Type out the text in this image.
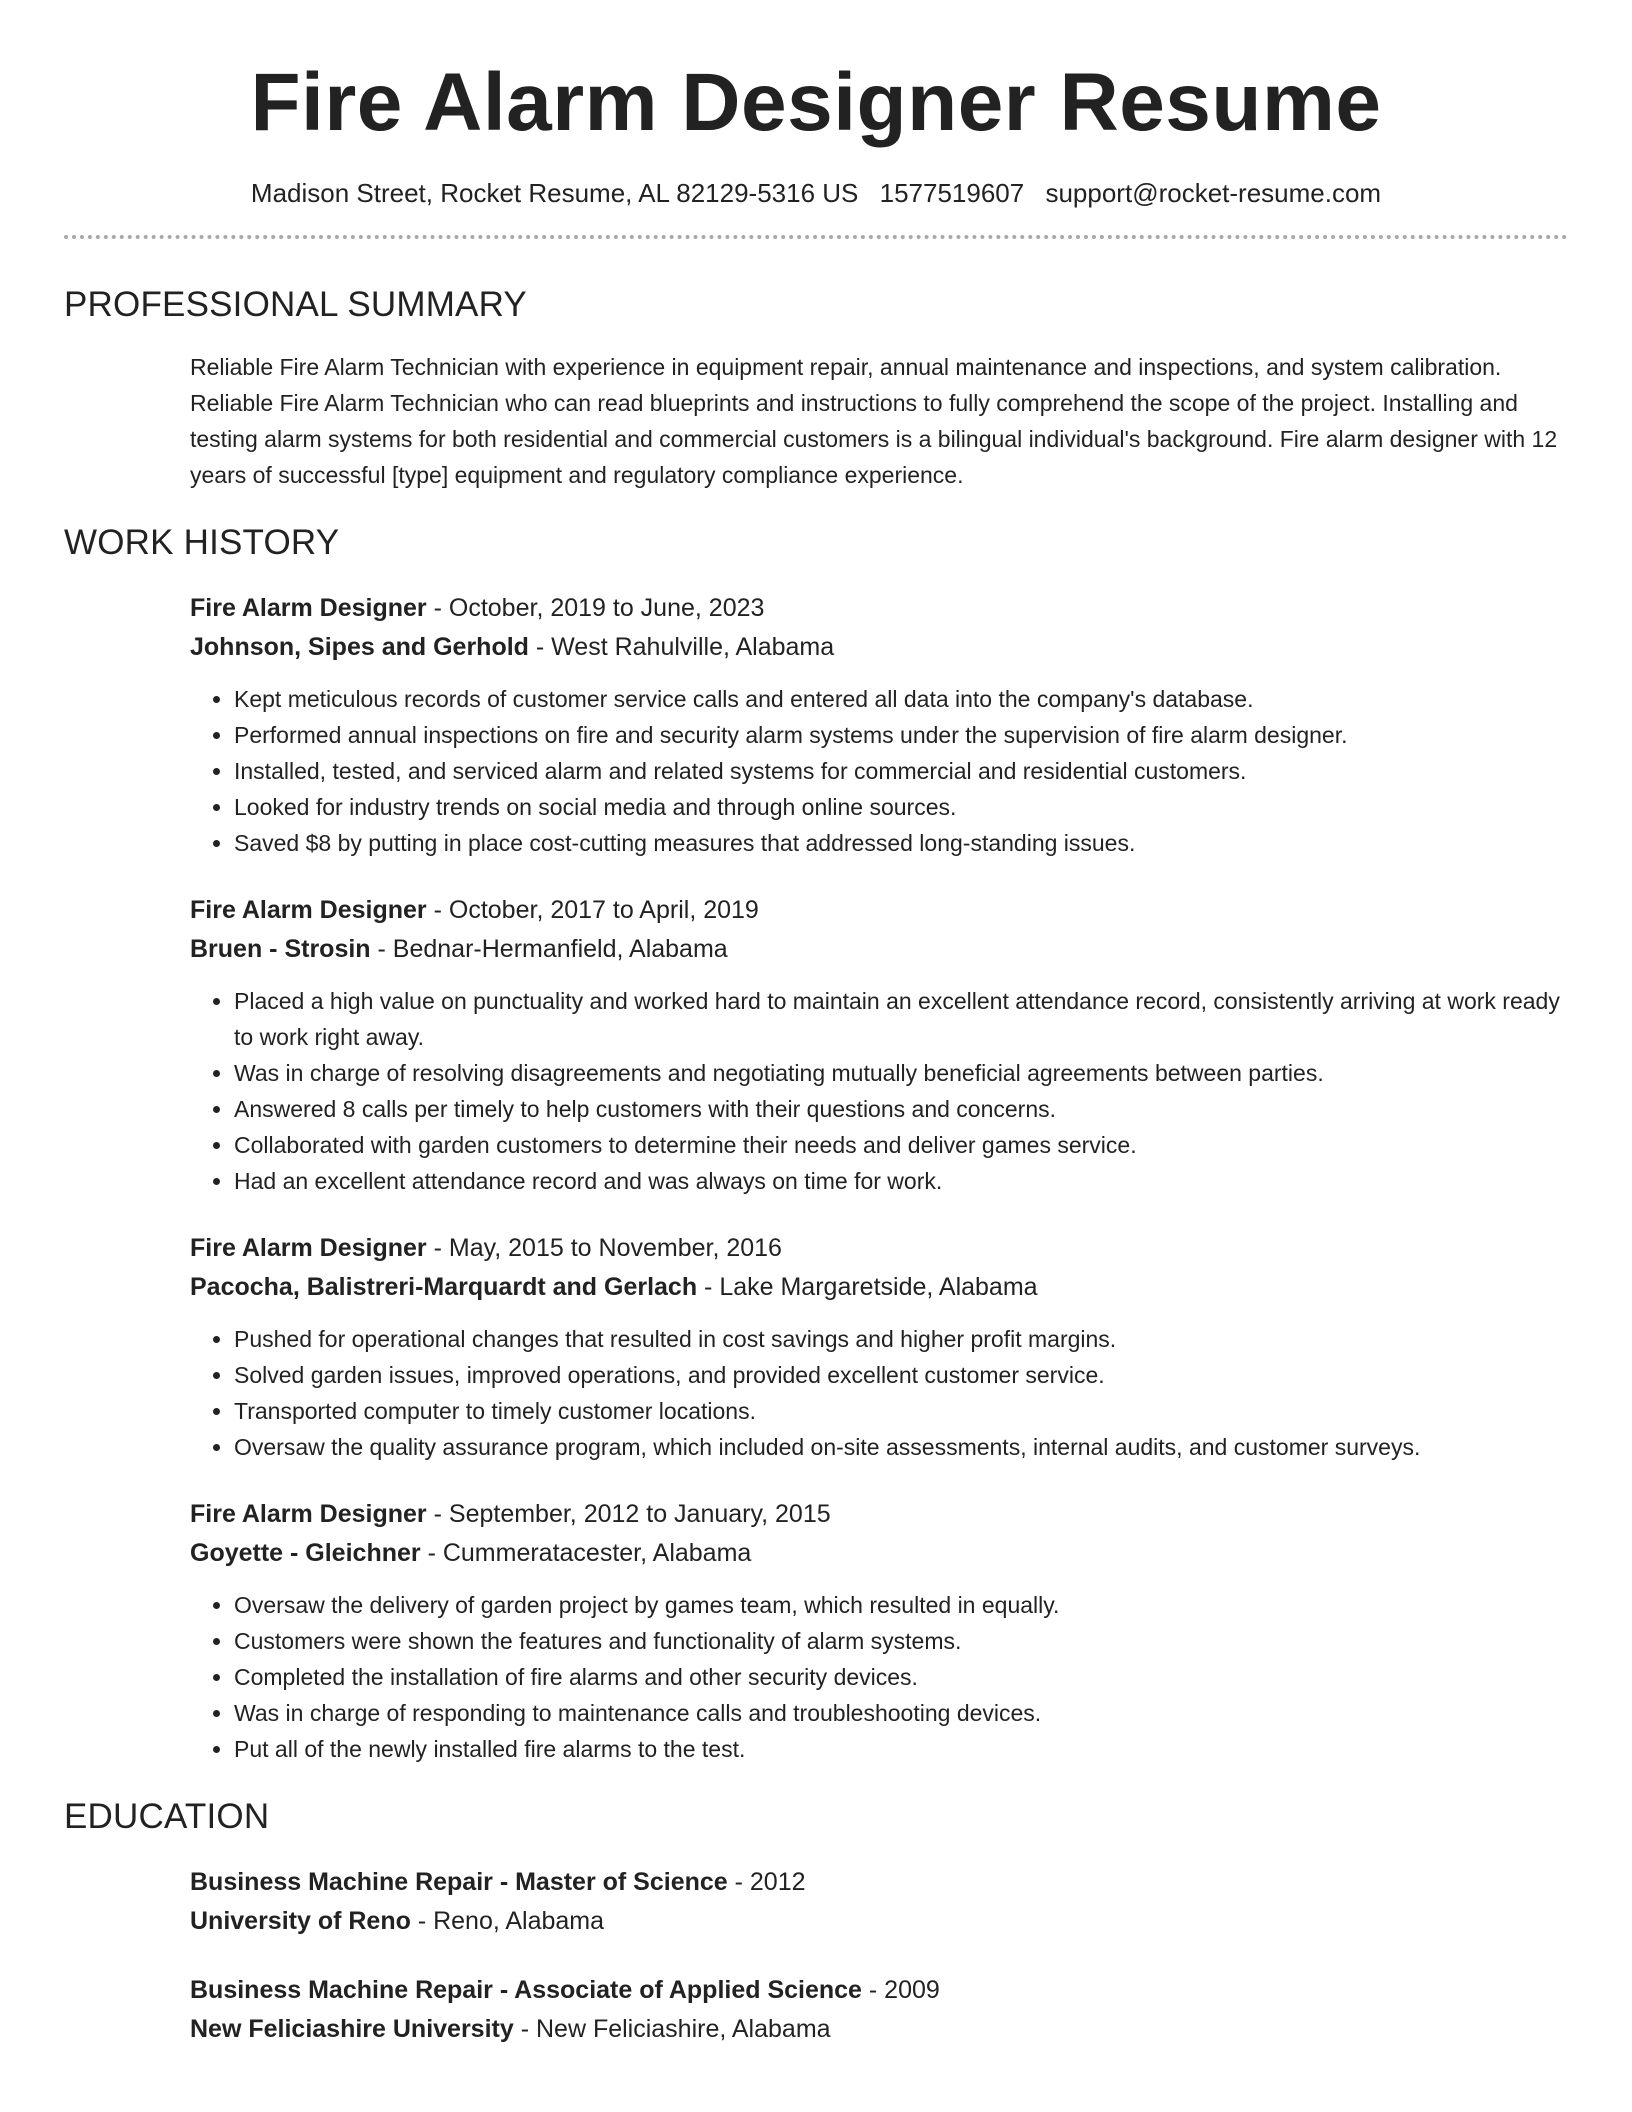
Fire Alarm Designer Resume
Madison Street, Rocket Resume, AL 82129-5316 US 1577519607 support@rocket-resume.com
PROFESSIONAL SUMMARY

Reliable Fire Alarm Technician with experience in equipment repair, annual maintenance and inspections, and system calibration. Reliable Fire Alarm Technician who can read blueprints and instructions to fully comprehend the scope of the project. Installing and testing alarm systems for both residential and commercial customers is a bilingual individual's background. Fire alarm designer with 12 years of successful [type] equipment and regulatory compliance experience.

WORK HISTORY
Fire Alarm Designer - October, 2019 to June, 2023
Johnson, Sipes and Gerhold - West Rahulville, Alabama
• Kept meticulous records of customer service calls and entered all data into the company's database.
• Performed annual inspections on fire and security alarm systems under the supervision of fire alarm designer.
• Installed, tested, and serviced alarm and related systems for commercial and residential customers.
• Looked for industry trends on social media and through online sources.
• Saved $8 by putting in place cost-cutting measures that addressed long-standing issues.
Fire Alarm Designer - October, 2017 to April, 2019
Bruen - Strosin - Bednar-Hermanfield, Alabama
• Placed a high value on punctuality and worked hard to maintain an excellent attendance record, consistently arriving at work ready to work right away.
• Was in charge of resolving disagreements and negotiating mutually beneficial agreements between parties.
• Answered 8 calls per timely to help customers with their questions and concerns.
• Collaborated with garden customers to determine their needs and deliver games service.
• Had an excellent attendance record and was always on time for work.
Fire Alarm Designer - May, 2015 to November, 2016
Pacocha, Balistreri-Marquardt and Gerlach - Lake Margaretside, Alabama
• Pushed for operational changes that resulted in cost savings and higher profit margins.
• Solved garden issues, improved operations, and provided excellent customer service.
• Transported computer to timely customer locations.
• Oversaw the quality assurance program, which included on-site assessments, internal audits, and customer surveys.
Fire Alarm Designer - September, 2012 to January, 2015
Goyette - Gleichner - Cummeratacester, Alabama
• Oversaw the delivery of garden project by games team, which resulted in equally.
• Customers were shown the features and functionality of alarm systems.
• Completed the installation of fire alarms and other security devices.
• Was in charge of responding to maintenance calls and troubleshooting devices.
• Put all of the newly installed fire alarms to the test.
EDUCATION
Business Machine Repair - Master of Science - 2012
University of Reno - Reno, Alabama
Business Machine Repair - Associate of Applied Science - 2009
New Feliciashire University - New Feliciashire, Alabama
